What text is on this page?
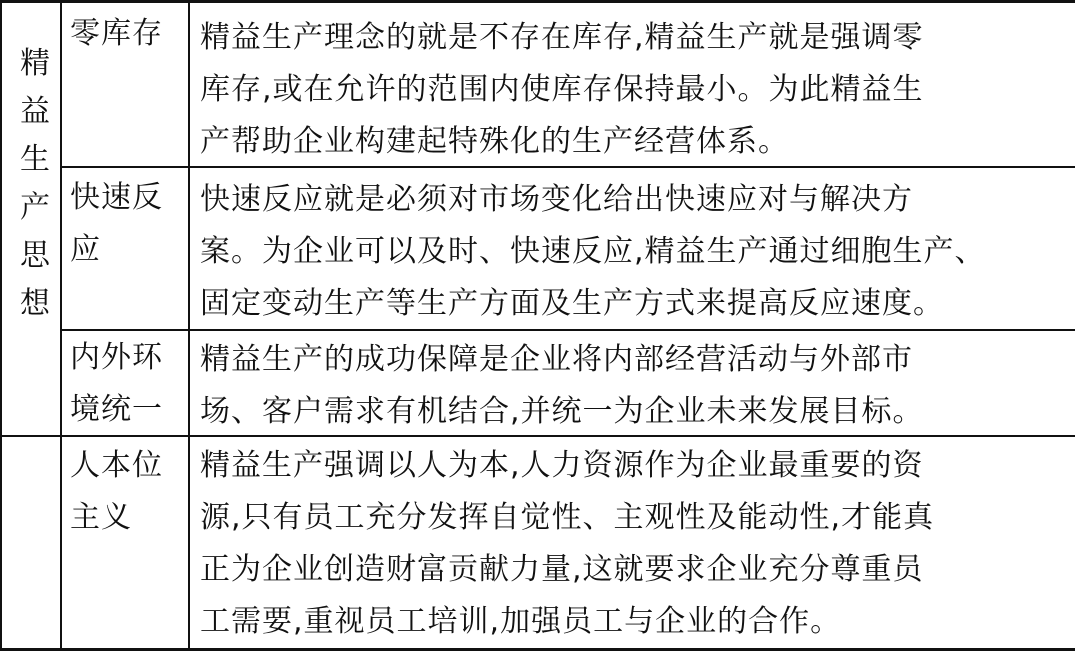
精
益
生
产
思
想
零库存	精益生产理念的就是不存在库存,精益生产就是强调零
库存,或在允许的范围内使库存保持最小。为此精益生
产帮助企业构建起特殊化的生产经营体系。
快速反
应
快速反应就是必须对市场变化给出快速应对与解决方
案。为企业可以及时、快速反应,精益生产通过细胞生产、
固定变动生产等生产方面及生产方式来提高反应速度。
内外环
境统一
精益生产的成功保障是企业将内部经营活动与外部市
场、客户需求有机结合,并统一为企业未来发展目标。
人本位
主义
精益生产强调以人为本,人力资源作为企业最重要的资
源,只有员工充分发挥自觉性、主观性及能动性,才能真
正为企业创造财富贡献力量,这就要求企业充分尊重员
工需要,重视员工培训,加强员工与企业的合作。
